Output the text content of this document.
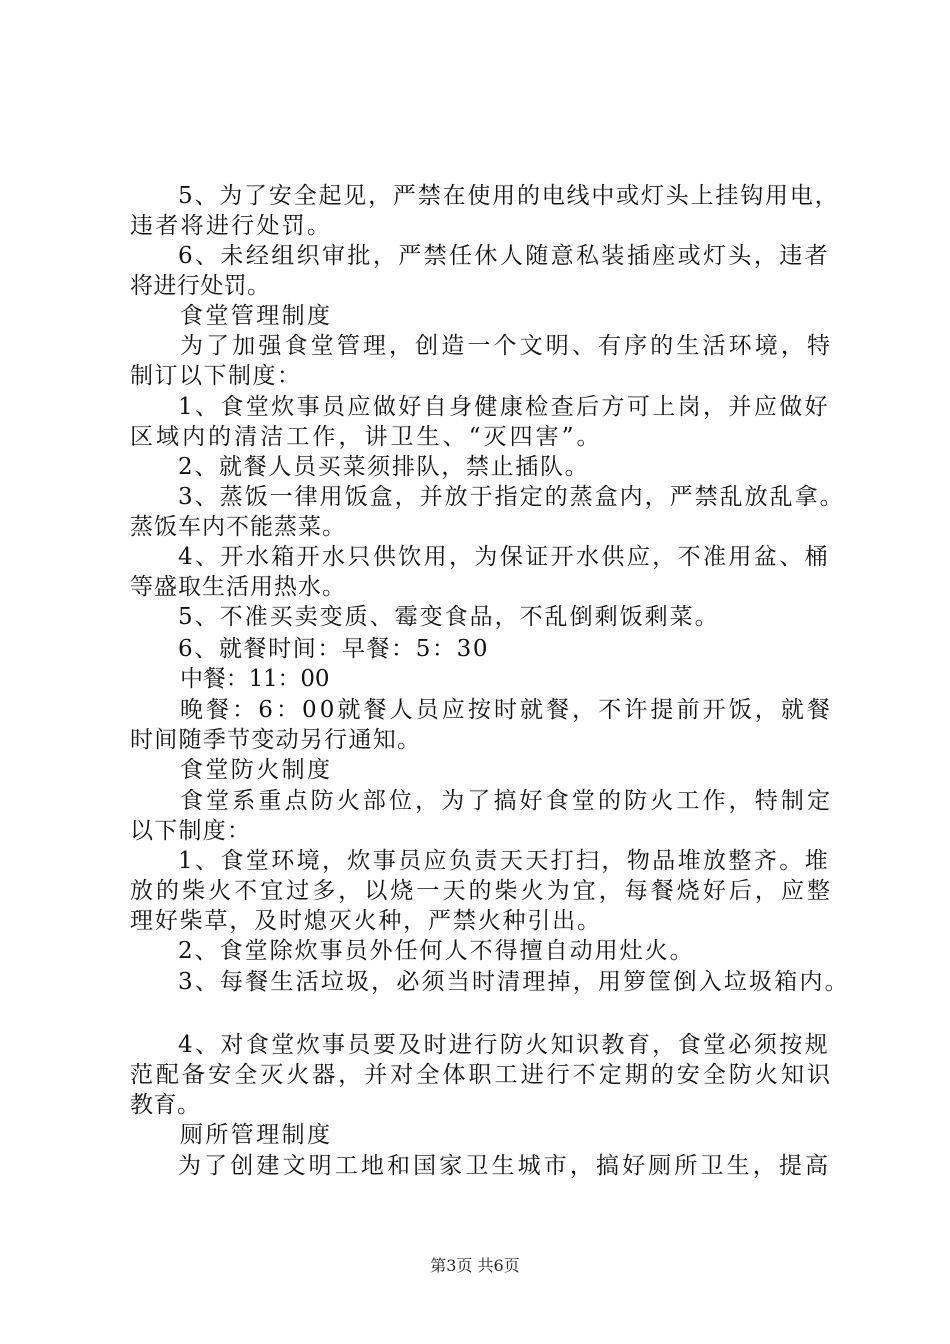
5、为了安全起见，严禁在使用的电线中或灯头上挂钩用电，
违者将进行处罚。
6、未经组织审批，严禁任休人随意私装插座或灯头，违者
将进行处罚。
食堂管理制度
为了加强食堂管理，创造一个文明、有序的生活环境，特
制订以下制度：
1、食堂炊事员应做好自身健康检查后方可上岗，并应做好
区域内的清洁工作，讲卫生、“灭四害”。
2、就餐人员买菜须排队，禁止插队。
3、蒸饭一律用饭盒，并放于指定的蒸盒内，严禁乱放乱拿。
蒸饭车内不能蒸菜。
4、开水箱开水只供饮用，为保证开水供应，不准用盆、桶
等盛取生活用热水。
5、不准买卖变质、霉变食品，不乱倒剩饭剩菜。
6、就餐时间：早餐：5：30
中餐：11：00
晚餐：6：00就餐人员应按时就餐，不许提前开饭，就餐
时间随季节变动另行通知。
食堂防火制度
食堂系重点防火部位，为了搞好食堂的防火工作，特制定
以下制度：
1、食堂环境，炊事员应负责天天打扫，物品堆放整齐。堆
放的柴火不宜过多，以烧一天的柴火为宜，每餐烧好后，应整
理好柴草，及时熄灭火种，严禁火种引出。
2、食堂除炊事员外任何人不得擅自动用灶火。
3、每餐生活垃圾，必须当时清理掉，用箩筐倒入垃圾箱内。
4、对食堂炊事员要及时进行防火知识教育，食堂必须按规
范配备安全灭火器，并对全体职工进行不定期的安全防火知识
教育。
厕所管理制度
为了创建文明工地和国家卫生城市，搞好厕所卫生，提高
第3页 共6页
